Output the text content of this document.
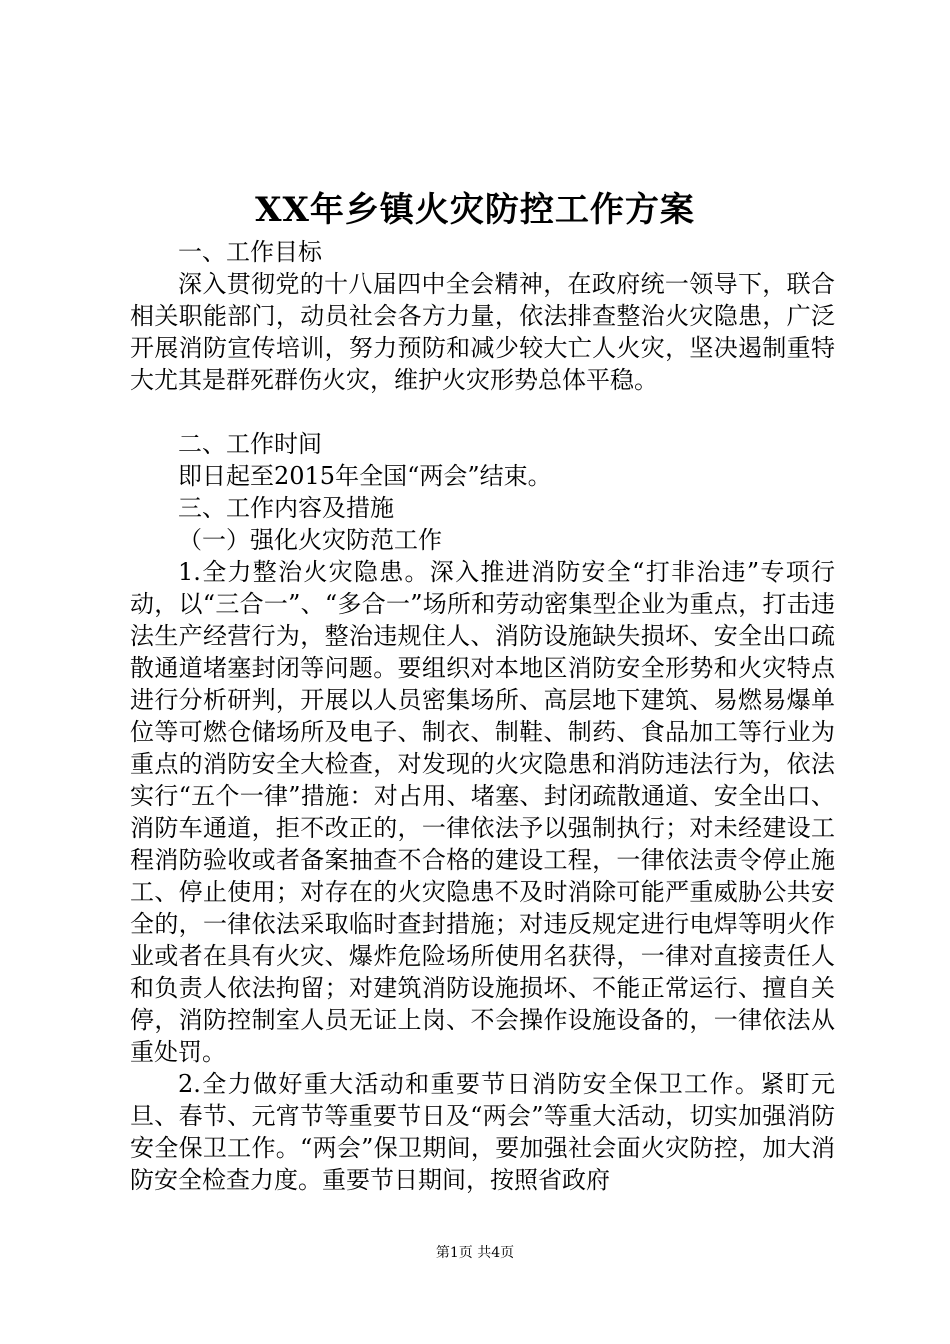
XX年乡镇火灾防控工作方案

一、工作目标

深入贯彻党的十八届四中全会精神，在政府统一领导下，联合相关职能部门，动员社会各方力量，依法排查整治火灾隐患，广泛开展消防宣传培训，努力预防和减少较大亡人火灾，坚决遏制重特大尤其是群死群伤火灾，维护火灾形势总体平稳。

二、工作时间

即日起至2015年全国“两会”结束。

三、工作内容及措施

（一）强化火灾防范工作

1.全力整治火灾隐患。深入推进消防安全“打非治违”专项行动，以“三合一”、“多合一”场所和劳动密集型企业为重点，打击违法生产经营行为，整治违规住人、消防设施缺失损坏、安全出口疏散通道堵塞封闭等问题。要组织对本地区消防安全形势和火灾特点进行分析研判，开展以人员密集场所、高层地下建筑、易燃易爆单位等可燃仓储场所及电子、制衣、制鞋、制药、食品加工等行业为重点的消防安全大检查，对发现的火灾隐患和消防违法行为，依法实行“五个一律”措施：对占用、堵塞、封闭疏散通道、安全出口、消防车通道，拒不改正的，一律依法予以强制执行；对未经建设工程消防验收或者备案抽查不合格的建设工程，一律依法责令停止施工、停止使用；对存在的火灾隐患不及时消除可能严重威胁公共安全的，一律依法采取临时查封措施；对违反规定进行电焊等明火作业或者在具有火灾、爆炸危险场所使用名获得，一律对直接责任人和负责人依法拘留；对建筑消防设施损坏、不能正常运行、擅自关停，消防控制室人员无证上岗、不会操作设施设备的，一律依法从重处罚。

2.全力做好重大活动和重要节日消防安全保卫工作。紧盯元旦、春节、元宵节等重要节日及“两会”等重大活动，切实加强消防安全保卫工作。“两会”保卫期间，要加强社会面火灾防控，加大消防安全检查力度。重要节日期间，按照省政府

第1页 共4页
